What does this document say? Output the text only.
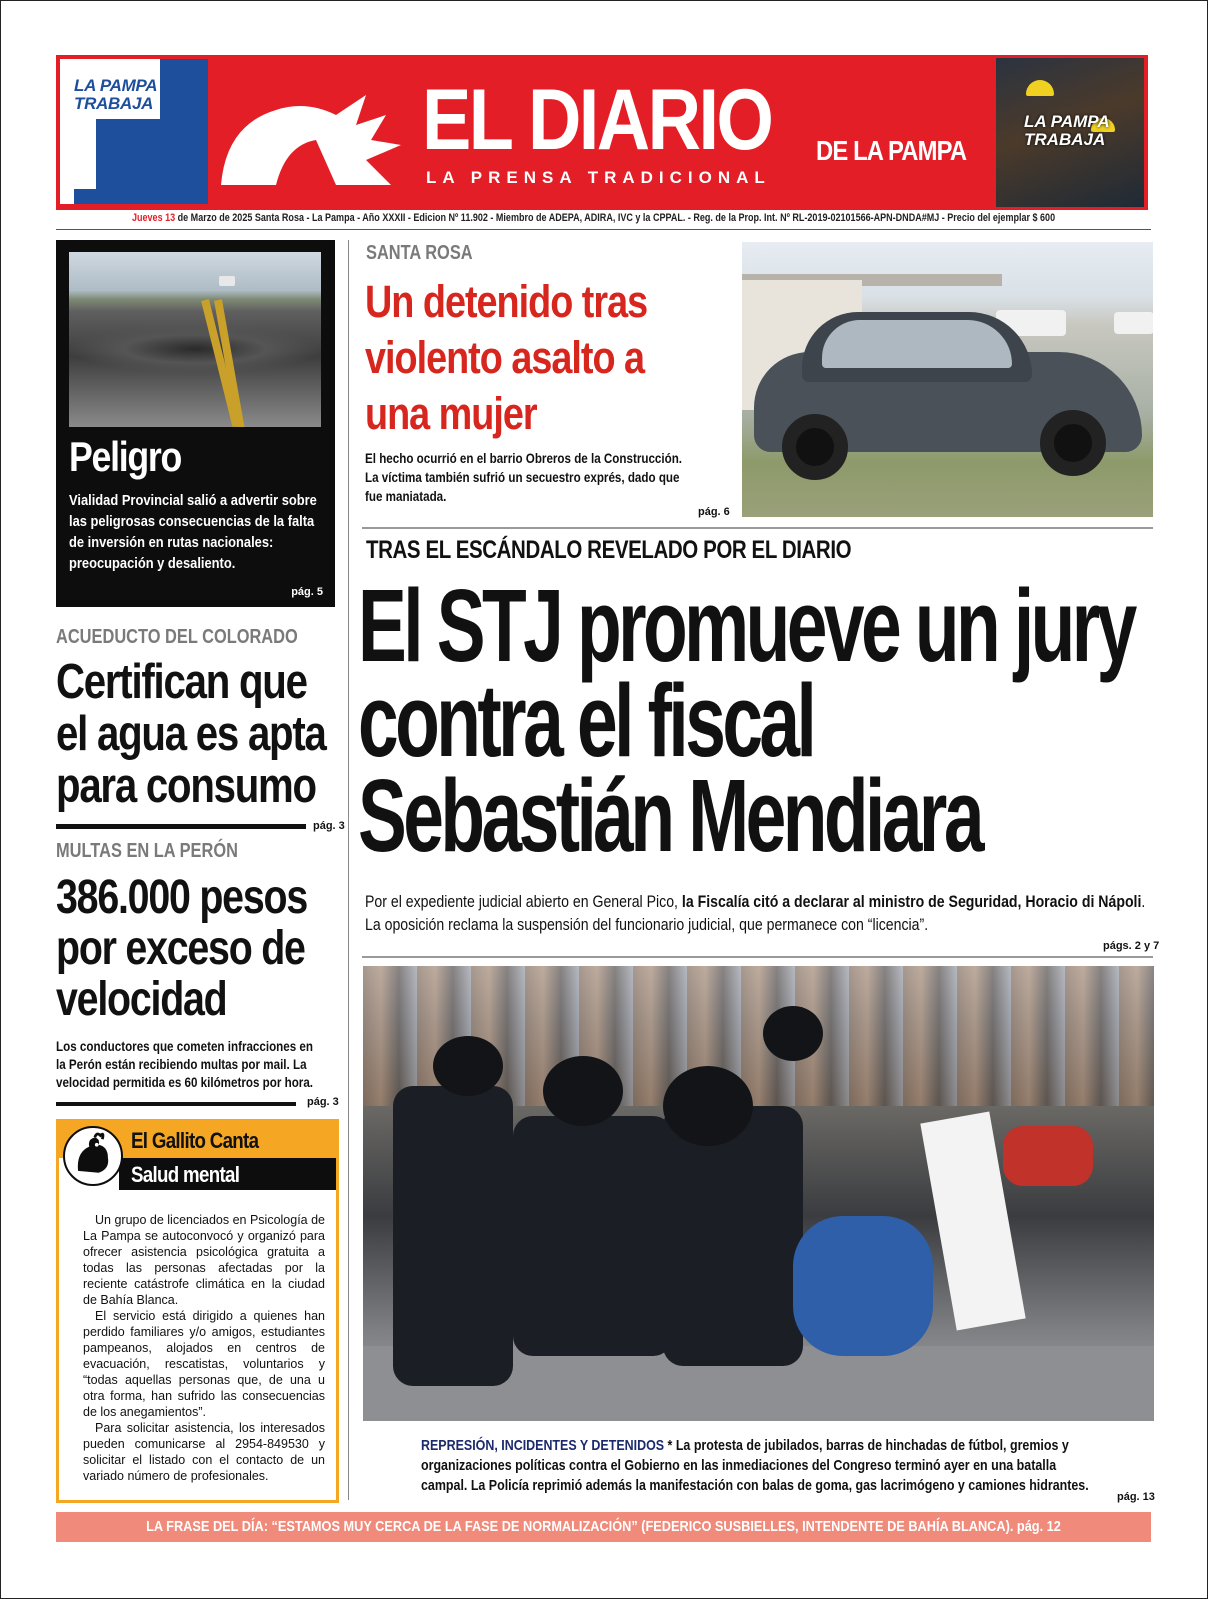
LA PAMPA TRABAJA	EL DIARIO DE LA PAMPA
LA PRENSA TRADICIONAL
LA PAMPA TRABAJA
Jueves 13 de Marzo de 2025 Santa Rosa - La Pampa - Año XXXII - Edicion Nº 11.902 - Miembro de ADEPA, ADIRA, IVC y la CPPAL. - Reg. de la Prop. Int. Nº RL-2019-02101566-APN-DNDA#MJ - Precio del ejemplar $ 600
Peligro
Vialidad Provincial salió a advertir sobre las peligrosas consecuencias de la falta de inversión en rutas nacionales: preocupación y desaliento.
pág. 5
ACUEDUCTO DEL COLORADO
Certifican que el agua es apta para consumo
pág. 3
MULTAS EN LA PERÓN
386.000 pesos por exceso de velocidad
Los conductores que cometen infracciones en la Perón están recibiendo multas por mail. La velocidad permitida es 60 kilómetros por hora.
pág. 3
El Gallito Canta
Salud mental

Un grupo de licenciados en Psicología de La Pampa se autoconvocó y organizó para ofrecer asistencia psicológica gratuita a todas las personas afectadas por la reciente catástrofe climática en la ciudad de Bahía Blanca.

El servicio está dirigido a quienes han perdido familiares y/o amigos, estudiantes pampeanos, alojados en centros de evacuación, rescatistas, voluntarios y “todas aquellas personas que, de una u otra forma, han sufrido las consecuencias de los anegamientos”.

Para solicitar asistencia, los interesados pueden comunicarse al 2954-849530 y solicitar el listado con el contacto de un variado número de profesionales.

SANTA ROSA
Un detenido tras violento asalto a una mujer
El hecho ocurrió en el barrio Obreros de la Construcción. La víctima también sufrió un secuestro exprés, dado que fue maniatada.
pág. 6
TRAS EL ESCÁNDALO REVELADO POR EL DIARIO
El STJ promueve un jury contra el fiscal Sebastián Mendiara
Por el expediente judicial abierto en General Pico, la Fiscalía citó a declarar al ministro de Seguridad, Horacio di Nápoli. La oposición reclama la suspensión del funcionario judicial, que permanece con “licencia”.
págs. 2 y 7
REPRESIÓN, INCIDENTES Y DETENIDOS * La protesta de jubilados, barras de hinchadas de fútbol, gremios y organizaciones políticas contra el Gobierno en las inmediaciones del Congreso terminó ayer en una batalla campal. La Policía reprimió además la manifestación con balas de goma, gas lacrimógeno y camiones hidrantes.
pág. 13
LA FRASE DEL DÍA: “ESTAMOS MUY CERCA DE LA FASE DE NORMALIZACIÓN” (FEDERICO SUSBIELLES, INTENDENTE DE BAHÍA BLANCA). pág. 12
